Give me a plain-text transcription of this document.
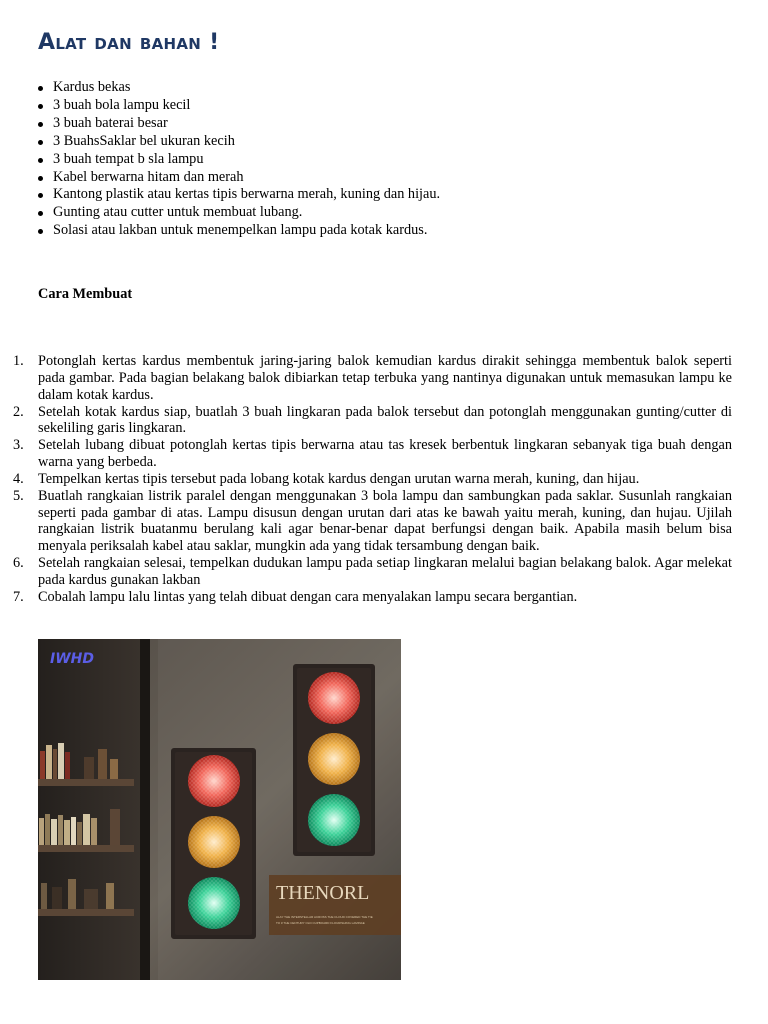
Alat dan bahan !
Kardus bekas
3 buah bola lampu kecil
3 buah baterai besar
3 BuahsSaklar bel ukuran kecih
3 buah tempat b sla lampu
Kabel berwarna hitam dan merah
Kantong plastik atau kertas tipis berwarna merah, kuning dan hijau.
Gunting atau cutter untuk membuat lubang.
Solasi atau lakban untuk menempelkan lampu pada kotak kardus.
Cara Membuat
1. Potonglah kertas kardus membentuk jaring-jaring balok kemudian kardus dirakit sehingga membentuk balok seperti pada gambar. Pada bagian belakang balok dibiarkan tetap terbuka yang nantinya digunakan untuk memasukan lampu ke dalam kotak kardus.
2. Setelah kotak kardus siap, buatlah 3 buah lingkaran pada balok tersebut dan potonglah menggunakan gunting/cutter di sekeliling garis lingkaran.
3. Setelah lubang dibuat potonglah kertas tipis berwarna atau tas kresek berbentuk lingkaran sebanyak tiga buah dengan warna yang berbeda.
4. Tempelkan kertas tipis tersebut pada lobang kotak kardus dengan urutan warna merah, kuning, dan hijau.
5. Buatlah rangkaian listrik paralel dengan menggunakan 3 bola lampu dan sambungkan pada saklar. Susunlah rangkaian seperti pada gambar di atas. Lampu disusun dengan urutan dari atas ke bawah yaitu merah, kuning, dan hujau. Ujilah rangkaian listrik buatanmu berulang kali agar benar-benar dapat berfungsi dengan baik. Apabila masih belum bisa menyala periksalah kabel atau saklar, mungkin ada yang tidak tersambung dengan baik.
6. Setelah rangkaian selesai, tempelkan dudukan lampu pada setiap lingkaran melalui bagian belakang balok. Agar melekat pada kardus gunakan lakban
7. Cobalah lampu lalu lintas yang telah dibuat dengan cara menyalakan lampu secara bergantian.
IWHD
THENORL
ALAY THE INTERSTELLAR ACROSS THE CLOUD COVERED THE TIE
TO # THE CENTURY OLD CUPBOARD FLOURISHING LAMINAE
